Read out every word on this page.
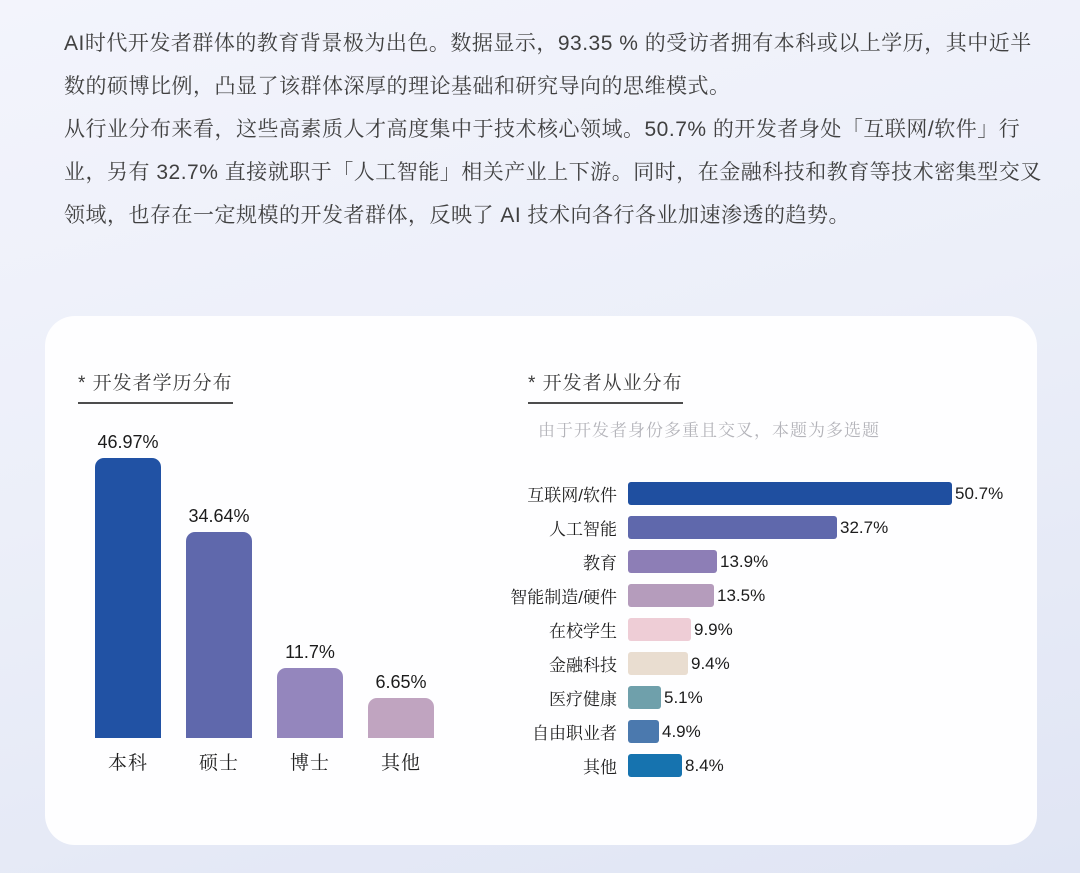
AI时代开发者群体的教育背景极为出色。数据显示，93.35 % 的受访者拥有本科或以上学历，其中近半数的硕博比例，凸显了该群体深厚的理论基础和研究导向的思维模式。

从行业分布来看，这些高素质人才高度集中于技术核心领域。50.7% 的开发者身处「互联网/软件」行业，另有 32.7% 直接就职于「人工智能」相关产业上下游。同时，在金融科技和教育等技术密集型交叉领域，也存在一定规模的开发者群体，反映了 AI 技术向各行各业加速渗透的趋势。

* 开发者学历分布
46.97%
34.64%
11.7%
6.65%
本科	硕士	博士	其他
* 开发者从业分布
由于开发者身份多重且交叉，本题为多选题
互联网/软件	50.7%
人工智能	32.7%
教育	13.9%
智能制造/硬件	13.5%
在校学生	9.9%
金融科技	9.4%
医疗健康	5.1%
自由职业者	4.9%
其他	8.4%
